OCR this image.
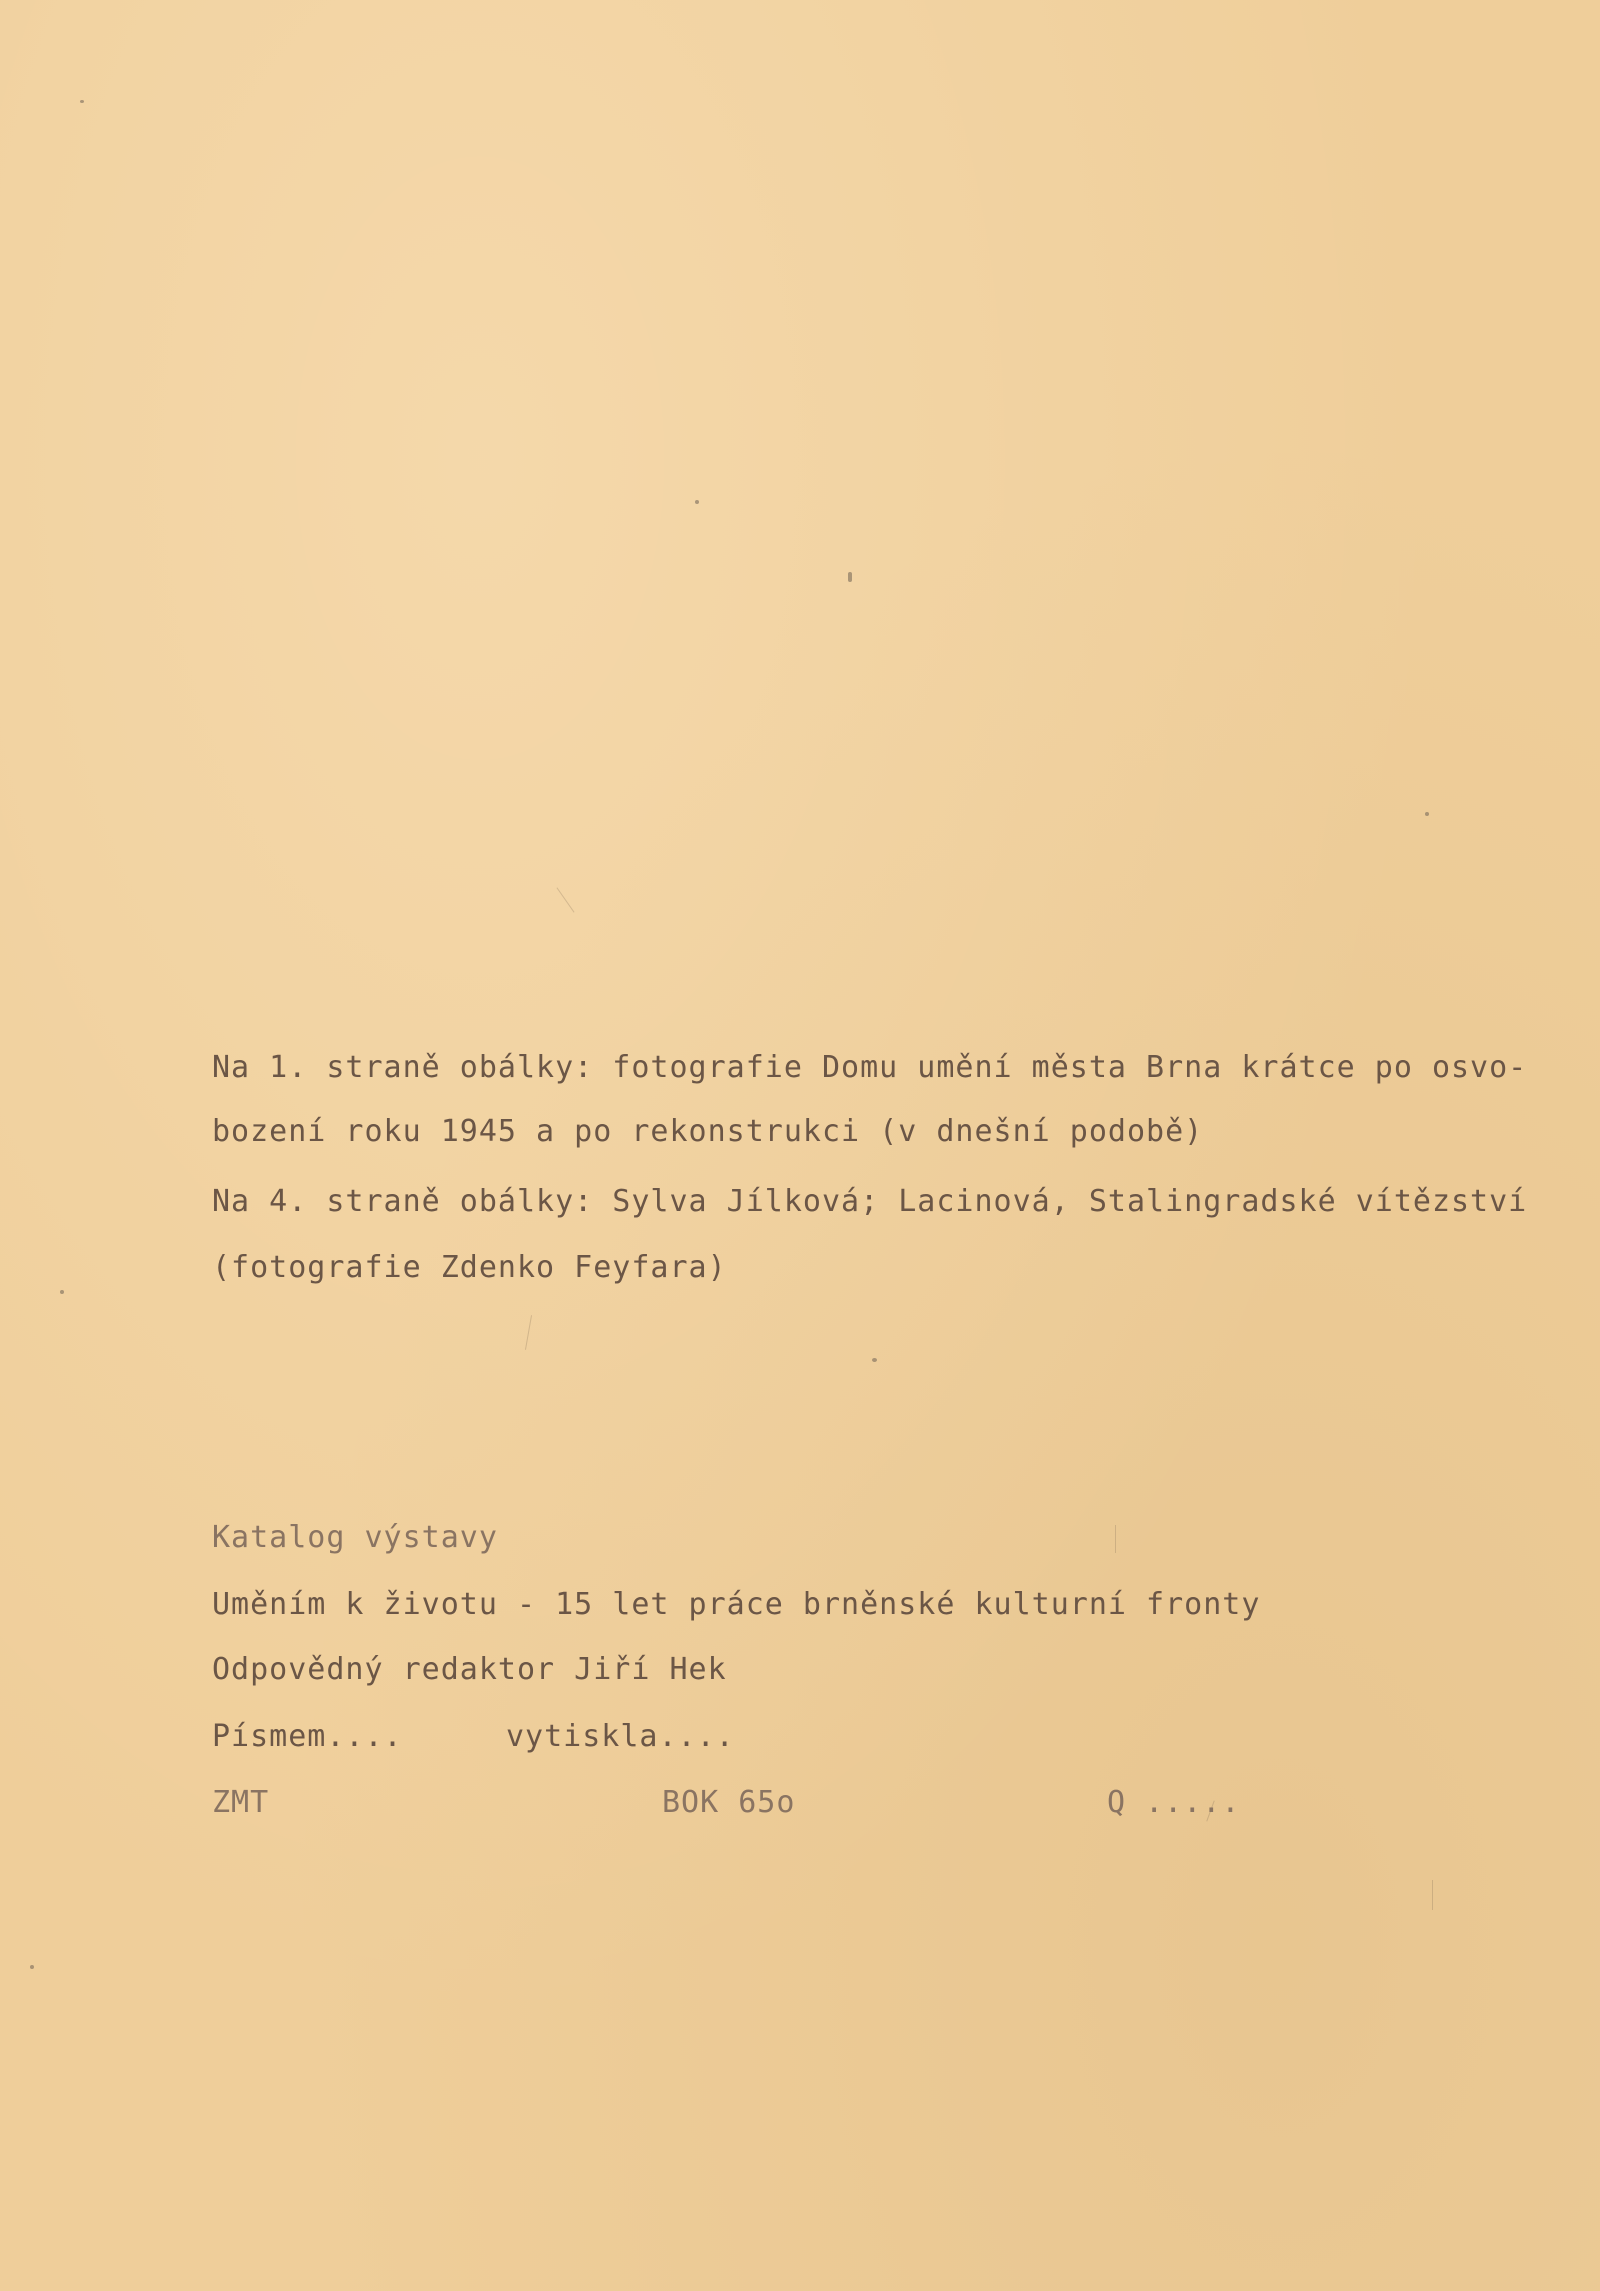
Na 1. straně obálky: fotografie Domu umění města Brna krátce po osvo-
bození roku 1945 a po rekonstrukci (v dnešní podobě)
Na 4. straně obálky: Sylva Jílková; Lacinová, Stalingradské vítězství
(fotografie Zdenko Feyfara)
Katalog výstavy
Uměním k životu - 15 let práce brněnské kulturní fronty
Odpovědný redaktor Jiří Hek
Písmem....	vytiskla....
ZMT	BOK 65o	Q .....
